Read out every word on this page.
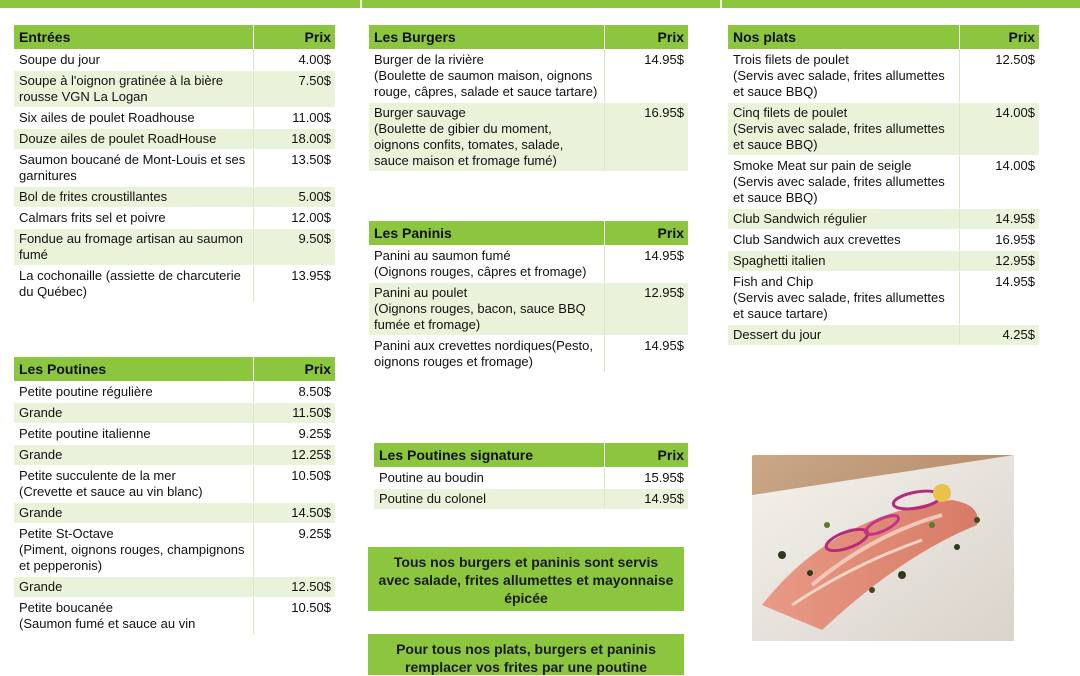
Entrées	Prix
Soupe du jour	4.00$
Soupe à l'oignon gratinée à la bière rousse VGN La Logan	7.50$
Six ailes de poulet Roadhouse	11.00$
Douze ailes de poulet RoadHouse	18.00$
Saumon boucané de Mont-Louis et ses garnitures	13.50$
Bol de frites croustillantes	5.00$
Calmars frits sel et poivre	12.00$
Fondue au fromage artisan au saumon fumé	9.50$
La cochonaille (assiette de charcuterie du Québec)	13.95$
Les Poutines	Prix
Petite poutine régulière	8.50$
Grande	11.50$
Petite poutine italienne	9.25$
Grande	12.25$
Petite succulente de la mer
(Crevette et sauce au vin blanc)	10.50$
Grande	14.50$
Petite St-Octave
(Piment, oignons rouges, champignons et pepperonis)	9.25$
Grande	12.50$
Petite boucanée
(Saumon fumé et sauce au vin	10.50$
Les Burgers	Prix
Burger de la rivière
(Boulette de saumon maison, oignons rouge, câpres, salade et sauce tartare)	14.95$
Burger sauvage
(Boulette de gibier du moment, oignons confits, tomates, salade, sauce maison et fromage fumé)	16.95$
Les Paninis	Prix
Panini au saumon fumé
(Oignons rouges, câpres et fromage)	14.95$
Panini au poulet
(Oignons rouges, bacon, sauce BBQ fumée et fromage)	12.95$
Panini aux crevettes nordiques(Pesto, oignons rouges et fromage)	14.95$
Les Poutines signature	Prix
Poutine au boudin	15.95$
Poutine du colonel	14.95$
Tous nos burgers et paninis sont servis avec salade, frites allumettes et mayonnaise épicée
Pour tous nos plats, burgers et paninis remplacer vos frites par une poutine
Nos plats	Prix
Trois filets de poulet
(Servis avec salade, frites allumettes et sauce BBQ)	12.50$
Cinq filets de poulet
(Servis avec salade, frites allumettes et sauce BBQ)	14.00$
Smoke Meat sur pain de seigle
(Servis avec salade, frites allumettes et sauce BBQ)	14.00$
Club Sandwich régulier	14.95$
Club Sandwich aux crevettes	16.95$
Spaghetti italien	12.95$
Fish and Chip
(Servis avec salade, frites allumettes et sauce tartare)	14.95$
Dessert du jour	4.25$
